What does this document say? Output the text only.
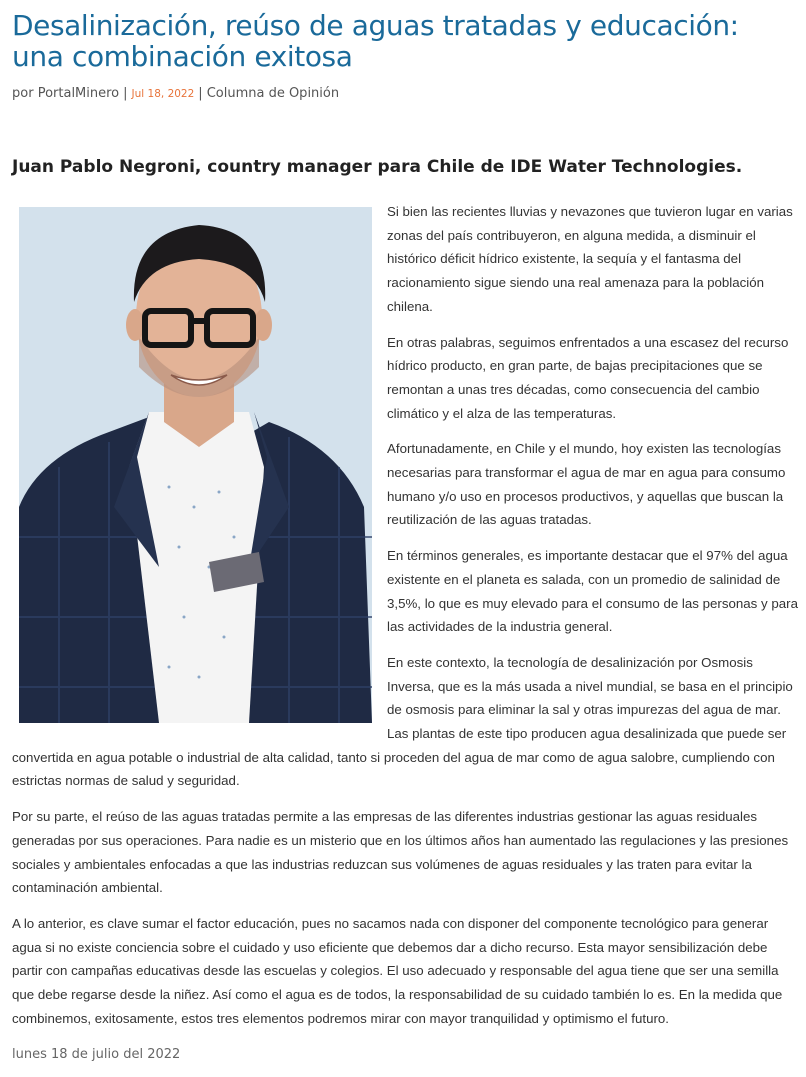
Desalinización, reúso de aguas tratadas y educación: una combinación exitosa
por PortalMinero | Jul 18, 2022 | Columna de Opinión
Juan Pablo Negroni, country manager para Chile de IDE Water Technologies.

Si bien las recientes lluvias y nevazones que tuvieron lugar en varias zonas del país contribuyeron, en alguna medida, a disminuir el histórico déficit hídrico existente, la sequía y el fantasma del racionamiento sigue siendo una real amenaza para la población chilena.

En otras palabras, seguimos enfrentados a una escasez del recurso hídrico producto, en gran parte, de bajas precipitaciones que se remontan a unas tres décadas, como consecuencia del cambio climático y el alza de las temperaturas.

Afortunadamente, en Chile y el mundo, hoy existen las tecnologías necesarias para transformar el agua de mar en agua para consumo humano y/o uso en procesos productivos, y aquellas que buscan la reutilización de las aguas tratadas.

En términos generales, es importante destacar que el 97% del agua existente en el planeta es salada, con un promedio de salinidad de 3,5%, lo que es muy elevado para el consumo de las personas y para las actividades de la industria general.

En este contexto, la tecnología de desalinización por Osmosis Inversa, que es la más usada a nivel mundial, se basa en el principio de osmosis para eliminar la sal y otras impurezas del agua de mar. Las plantas de este tipo producen agua desalinizada que puede ser convertida en agua potable o industrial de alta calidad, tanto si proceden del agua de mar como de agua salobre, cumpliendo con estrictas normas de salud y seguridad.

Por su parte, el reúso de las aguas tratadas permite a las empresas de las diferentes industrias gestionar las aguas residuales generadas por sus operaciones. Para nadie es un misterio que en los últimos años han aumentado las regulaciones y las presiones sociales y ambientales enfocadas a que las industrias reduzcan sus volúmenes de aguas residuales y las traten para evitar la contaminación ambiental.

A lo anterior, es clave sumar el factor educación, pues no sacamos nada con disponer del componente tecnológico para generar agua si no existe conciencia sobre el cuidado y uso eficiente que debemos dar a dicho recurso. Esta mayor sensibilización debe partir con campañas educativas desde las escuelas y colegios. El uso adecuado y responsable del agua tiene que ser una semilla que debe regarse desde la niñez. Así como el agua es de todos, la responsabilidad de su cuidado también lo es. En la medida que combinemos, exitosamente, estos tres elementos podremos mirar con mayor tranquilidad y optimismo el futuro.

lunes 18 de julio del 2022
